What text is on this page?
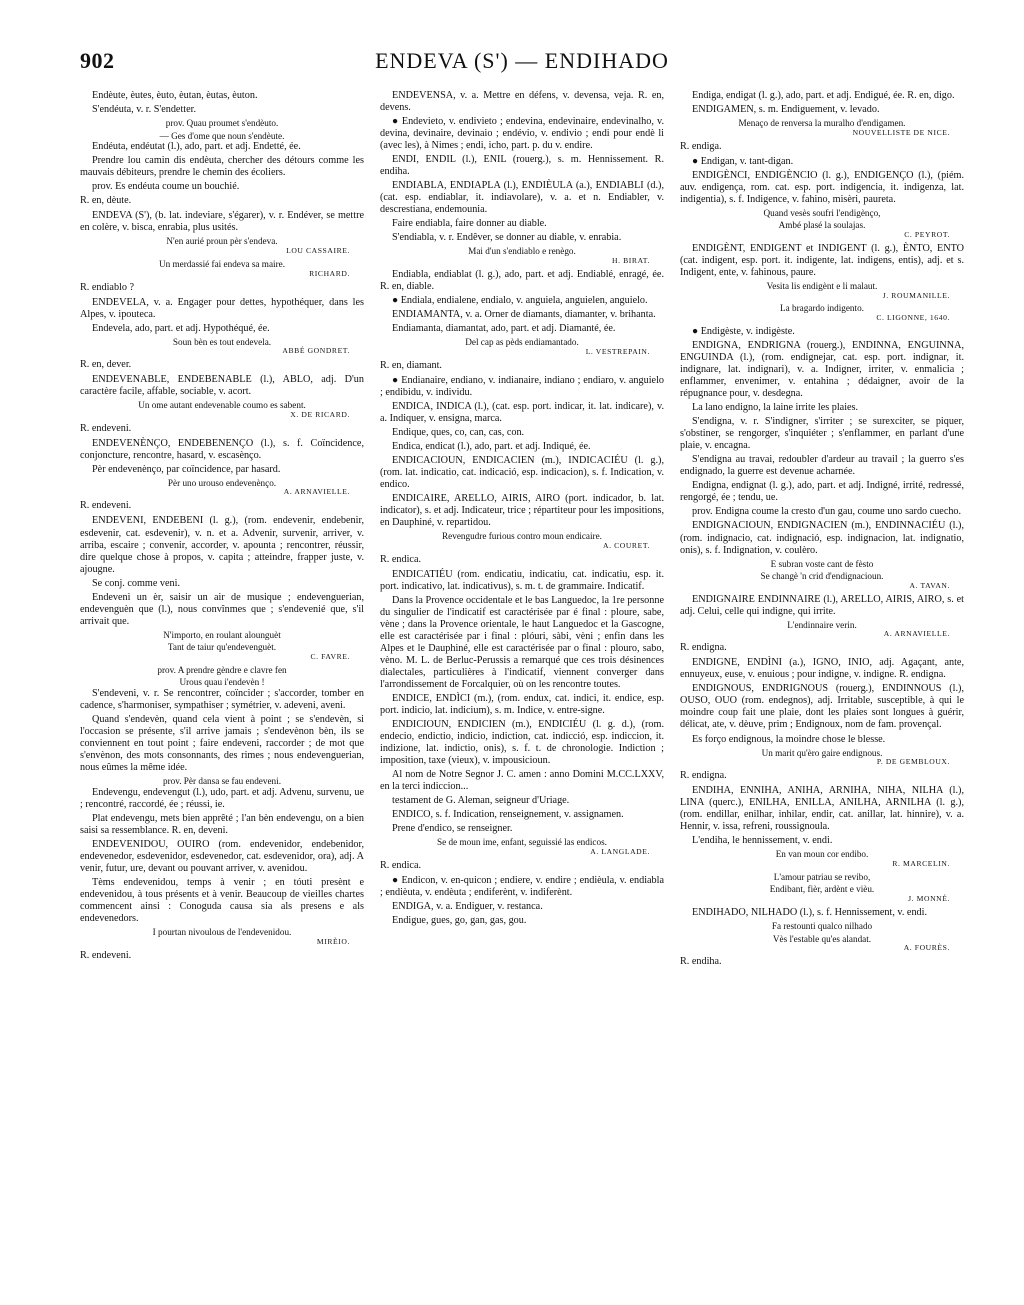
902	ENDEVA (S') — ENDIHADO

Endèute, èutes, èuto, èutan, èutas, èuton.

S'endéuta, v. r. S'endetter.

prov. Quau proumet s'endèuto.

— Ges d'ome que noun s'endèute.

Endéuta, endéutat (l.), ado, part. et adj. Endetté, ée.

Prendre lou camin dis endèuta, chercher des détours comme les mauvais débiteurs, prendre le chemin des écoliers.

prov. Es endéuta coume un bouchié.

R. en, dèute.

ENDEVA (S'), (b. lat. indeviare, s'égarer), v. r. Endéver, se mettre en colère, v. bisca, enrabia, plus usités.

N'en aurié proun pèr s'endeva.

LOU CASSAIRE.

Un merdassié fai endeva sa maire.

RICHARD.

R. endiablo ?

ENDEVELA, v. a. Engager pour dettes, hypothéquer, dans les Alpes, v. ipouteca.

Endevela, ado, part. et adj. Hypothéqué, ée.

Soun bèn es tout endevela.

ABBÉ GONDRET.

R. en, dever.

ENDEVENABLE, ENDEBENABLE (l.), ABLO, adj. D'un caractère facile, affable, sociable, v. acort.

Un ome autant endevenable coumo es sabent.

X. DE RICARD.

R. endeveni.

ENDEVENÈNÇO, ENDEBENENÇO (l.), s. f. Coïncidence, conjoncture, rencontre, hasard, v. escasènço.

Pèr endevenènço, par coïncidence, par hasard.

Pèr uno urouso endevenènço.

A. ARNAVIELLE.

R. endeveni.

ENDEVENI, ENDEBENI (l. g.), (rom. endevenir, endebenir, esdevenir, cat. esdevenir), v. n. et a. Advenir, survenir, arriver, v. arriba, escaire ; convenir, accorder, v. apounta ; rencontrer, réussir, dire quelque chose à propos, v. capita ; atteindre, frapper juste, v. ajougne.

Se conj. comme veni.

Endeveni un èr, saisir un air de musique ; endevenguerian, endevenguèn que (l.), nous convînmes que ; s'endevenié que, s'il arrivait que.

N'importo, en roulant alounguèt

Tant de taiur qu'endevenguèt.

C. FAVRE.

prov. A prendre gèndre e clavre fen

Urous quau i'endevèn !

S'endeveni, v. r. Se rencontrer, coïncider ; s'accorder, tomber en cadence, s'harmoniser, sympathiser ; symétrier, v. adeveni, aveni.

Quand s'endevèn, quand cela vient à point ; se s'endevèn, si l'occasion se présente, s'il arrive jamais ; s'endevènon bèn, ils se conviennent en tout point ; faire endeveni, raccorder ; de mot que s'envènon, des mots consonnants, des rimes ; nous endevenguerian, nous eûmes la même idée.

prov. Pèr dansa se fau endeveni.

Endevengu, endevengut (l.), udo, part. et adj. Advenu, survenu, ue ; rencontré, raccordé, ée ; réussi, ie.

Plat endevengu, mets bien apprêté ; l'an bèn endevengu, on a bien saisi sa ressemblance. R. en, deveni.

ENDEVENIDOU, OUIRO (rom. endevenidor, endebenidor, endevenedor, esdevenidor, esdevenedor, cat. esdevenidor, ora), adj. A venir, futur, ure, devant ou pouvant arriver, v. avenidou.

Tèms endevenidou, temps à venir ; en tóuti presènt e endevenidou, à tous présents et à venir. Beaucoup de vieilles chartes commencent ainsi : Conoguda causa sia als presens e als endevenedors.

I pourtan nivoulous de l'endevenidou.

MIRÈIO.

R. endeveni.

ENDEVENSA, v. a. Mettre en défens, v. devensa, veja. R. en, devens.

● Endevieto, v. endivieto ; endevina, endevinaire, endevinalho, v. devina, devinaire, devinaio ; endévio, v. endivio ; endi pour endè li (avec les), à Nimes ; endi, icho, part. p. du v. endire.

ENDI, ENDIL (l.), ENIL (rouerg.), s. m. Hennissement. R. endiha.

ENDIABLA, ENDIAPLA (l.), ENDIÈULA (a.), ENDIABLI (d.), (cat. esp. endiablar, it. indiavolare), v. a. et n. Endiabler, v. descrestiana, endemounia.

Faire endiabla, faire donner au diable.

S'endiabla, v. r. Endêver, se donner au diable, v. enrabia.

Mai d'un s'endiablo e renègo.

H. BIRAT.

Endiabla, endiablat (l. g.), ado, part. et adj. Endiablé, enragé, ée. R. en, diable.

● Endiala, endialene, endialo, v. anguiela, anguielen, anguielo.

ENDIAMANTA, v. a. Orner de diamants, diamanter, v. brihanta.

Endiamanta, diamantat, ado, part. et adj. Diamanté, ée.

Del cap as pèds endiamantado.

L. VESTREPAIN.

R. en, diamant.

● Endianaire, endiano, v. indianaire, indiano ; endiaro, v. anguielo ; endibidu, v. individu.

ENDICA, INDICA (l.), (cat. esp. port. indicar, it. lat. indicare), v. a. Indiquer, v. ensigna, marca.

Endique, ques, co, can, cas, con.

Endica, endicat (l.), ado, part. et adj. Indiqué, ée.

ENDICACIOUN, ENDICACIEN (m.), INDICACIÉU (l. g.), (rom. lat. indicatio, cat. indicació, esp. indicacion), s. f. Indication, v. endico.

ENDICAIRE, ARELLO, AIRIS, AIRO (port. indicador, b. lat. indicator), s. et adj. Indicateur, trice ; répartiteur pour les impositions, en Dauphiné, v. repartidou.

Revengudre furious contro moun endicaire.

A. COURET.

R. endica.

ENDICATIÉU (rom. endicatiu, indicatiu, cat. indicatiu, esp. it. port. indicativo, lat. indicativus), s. m. t. de grammaire. Indicatif.

Dans la Provence occidentale et le bas Languedoc, la 1re personne du singulier de l'indicatif est caractérisée par é final : ploure, sabe, vène ; dans la Provence orientale, le haut Languedoc et la Gascogne, elle est caractérisée par i final : plóuri, sàbi, vèni ; enfin dans les Alpes et le Dauphiné, elle est caractérisée par o final : plouro, sabo, vèno. M. L. de Berluc-Perussis a remarqué que ces trois désinences dialectales, particulières à l'indicatif, viennent converger dans l'arrondissement de Forcalquier, où on les rencontre toutes.

ENDICE, ENDÌCI (m.), (rom. endux, cat. indici, it. endice, esp. port. indicio, lat. indicium), s. m. Indice, v. entre-signe.

ENDICIOUN, ENDICIEN (m.), ENDICIÉU (l. g. d.), (rom. endecio, endictio, indicio, indiction, cat. indicció, esp. indiccion, it. indizione, lat. indictio, onis), s. f. t. de chronologie. Indiction ; imposition, taxe (vieux), v. impousicioun.

Al nom de Notre Segnor J. C. amen : anno Domini M.CC.LXXV, en la terci indiccion...

testament de G. Aleman, seigneur d'Uriage.

ENDICO, s. f. Indication, renseignement, v. assignamen.

Prene d'endico, se renseigner.

Se de moun ime, enfant, seguissié las endicos.

A. LANGLADE.

R. endica.

● Endicon, v. en-quicon ; endiere, v. endire ; endièula, v. endiabla ; endièuta, v. endèuta ; endiferènt, v. indiferènt.

ENDIGA, v. a. Endiguer, v. restanca.

Endigue, gues, go, gan, gas, gou.

Endiga, endigat (l. g.), ado, part. et adj. Endigué, ée. R. en, digo.

ENDIGAMEN, s. m. Endiguement, v. levado.

Menaço de renversa la muralho d'endigamen.

NOUVELLISTE DE NICE.

R. endiga.

● Endigan, v. tant-digan.

ENDIGÈNCI, ENDIGÈNCIO (l. g.), ENDIGENÇO (l.), (piém. auv. endigença, rom. cat. esp. port. indigencia, it. indigenza, lat. indigentia), s. f. Indigence, v. fahino, misèri, paureta.

Quand vesès soufri l'endigènço,

Ambé plasé la soulajas.

C. PEYROT.

ENDIGÈNT, ENDIGENT et INDIGENT (l. g.), ÈNTO, ENTO (cat. indigent, esp. port. it. indigente, lat. indigens, entis), adj. et s. Indigent, ente, v. fahinous, paure.

Vesita lis endigènt e li malaut.

J. ROUMANILLE.

La bragardo indigento.

C. LIGONNE, 1640.

● Endigèste, v. indigèste.

ENDIGNA, ENDRIGNA (rouerg.), ENDINNA, ENGUINNA, ENGUINDA (l.), (rom. endignejar, cat. esp. port. indignar, it. indignare, lat. indignari), v. a. Indigner, irriter, v. enmalicia ; enflammer, envenimer, v. entahina ; dédaigner, avoir de la répugnance pour, v. desdegna.

La lano endigno, la laine irrite les plaies.

S'endigna, v. r. S'indigner, s'irriter ; se surexciter, se piquer, s'obstiner, se rengorger, s'inquiéter ; s'enflammer, en parlant d'une plaie, v. encagna.

S'endigna au travai, redoubler d'ardeur au travail ; la guerro s'es endignado, la guerre est devenue acharnée.

Endigna, endignat (l. g.), ado, part. et adj. Indigné, irrité, redressé, rengorgé, ée ; tendu, ue.

prov. Endigna coume la cresto d'un gau, coume uno sardo cuecho.

ENDIGNACIOUN, ENDIGNACIEN (m.), ENDINNACIÉU (l.), (rom. indignacio, cat. indignació, esp. indignacion, lat. indignatio, onis), s. f. Indignation, v. coulèro.

E subran voste cant de fèsto

Se changè 'n crid d'endignacioun.

A. TAVAN.

ENDIGNAIRE ENDINNAIRE (l.), ARELLO, AIRIS, AIRO, s. et adj. Celui, celle qui indigne, qui irrite.

L'endinnaire verin.

A. ARNAVIELLE.

R. endigna.

ENDIGNE, ENDÌNI (a.), IGNO, INIO, adj. Agaçant, ante, ennuyeux, euse, v. enuious ; pour indigne, v. indigne. R. endigna.

ENDIGNOUS, ENDRIGNOUS (rouerg.), ENDINNOUS (l.), OUSO, OUO (rom. endegnos), adj. Irritable, susceptible, à qui le moindre coup fait une plaie, dont les plaies sont longues à guérir, délicat, ate, v. dèuve, prim ; Endignoux, nom de fam. provençal.

Es forço endignous, la moindre chose le blesse.

Un marit qu'èro gaire endignous.

P. DE GEMBLOUX.

R. endigna.

ENDIHA, ENNIHA, ANIHA, ARNIHA, NIHA, NILHA (l.), LINA (querc.), ENILHA, ENILLA, ANILHA, ARNILHA (l. g.), (rom. endillar, enilhar, inhilar, endir, cat. anillar, lat. hinnire), v. a. Hennir, v. issa, refreni, roussignoula.

L'endiha, le hennissement, v. endi.

En van moun cor endibo.

R. MARCELIN.

L'amour patriau se revibo,

Endibant, fièr, ardènt e vièu.

J. MONNÉ.

ENDIHADO, NILHADO (l.), s. f. Hennissement, v. endi.

Fa restounti qualco nilhado

Vès l'estable qu'es alandat.

A. FOURÈS.

R. endiha.
